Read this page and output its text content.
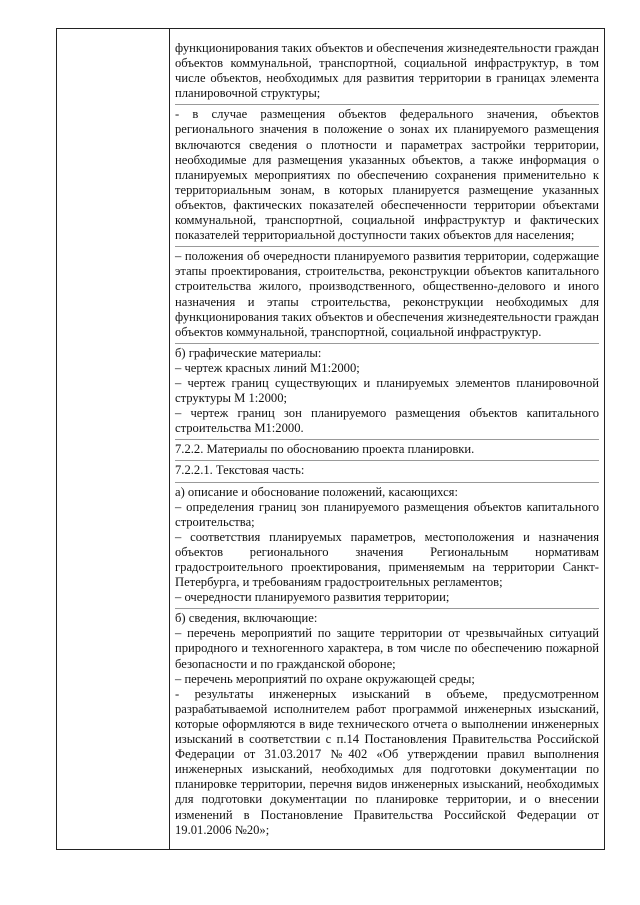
функционирования таких объектов и обеспечения жизнедеятельности граждан объектов коммунальной, транспортной, социальной инфраструктур, в том числе объектов, необходимых для развития территории в границах элемента планировочной структуры;
- в случае размещения объектов федерального значения, объектов регионального значения в положение о зонах их планируемого размещения включаются сведения о плотности и параметрах застройки территории, необходимые для размещения указанных объектов, а также информация о планируемых мероприятиях по обеспечению сохранения применительно к территориальным зонам, в которых планируется размещение указанных объектов, фактических показателей обеспеченности территории объектами коммунальной, транспортной, социальной инфраструктур и фактических показателей территориальной доступности таких объектов для населения;
– положения об очередности планируемого развития территории, содержащие этапы проектирования, строительства, реконструкции объектов капитального строительства жилого, производственного, общественно-делового и иного назначения и этапы строительства, реконструкции необходимых для функционирования таких объектов и обеспечения жизнедеятельности граждан объектов коммунальной, транспортной, социальной инфраструктур.
б) графические материалы:
– чертеж красных линий М1:2000;
– чертеж границ существующих и планируемых элементов планировочной структуры М 1:2000;
– чертеж границ зон планируемого размещения объектов капитального строительства М1:2000.
7.2.2. Материалы по обоснованию проекта планировки.
7.2.2.1. Текстовая часть:
а) описание и обоснование положений, касающихся:
– определения границ зон планируемого размещения объектов капитального строительства;
– соответствия планируемых параметров, местоположения и назначения объектов регионального значения Региональным нормативам градостроительного проектирования, применяемым на территории Санкт-Петербурга, и требованиям градостроительных регламентов;
– очередности планируемого развития территории;
б) сведения, включающие:
– перечень мероприятий по защите территории от чрезвычайных ситуаций природного и техногенного характера, в том числе по обеспечению пожарной безопасности и по гражданской обороне;
– перечень мероприятий по охране окружающей среды;
- результаты инженерных изысканий в объеме, предусмотренном разрабатываемой исполнителем работ программой инженерных изысканий, которые оформляются в виде технического отчета о выполнении инженерных изысканий в соответствии с п.14 Постановления Правительства Российской Федерации от 31.03.2017 №402 «Об утверждении правил выполнения инженерных изысканий, необходимых для подготовки документации по планировке территории, перечня видов инженерных изысканий, необходимых для подготовки документации по планировке территории, и о внесении изменений в Постановление Правительства Российской Федерации от 19.01.2006 №20»;
